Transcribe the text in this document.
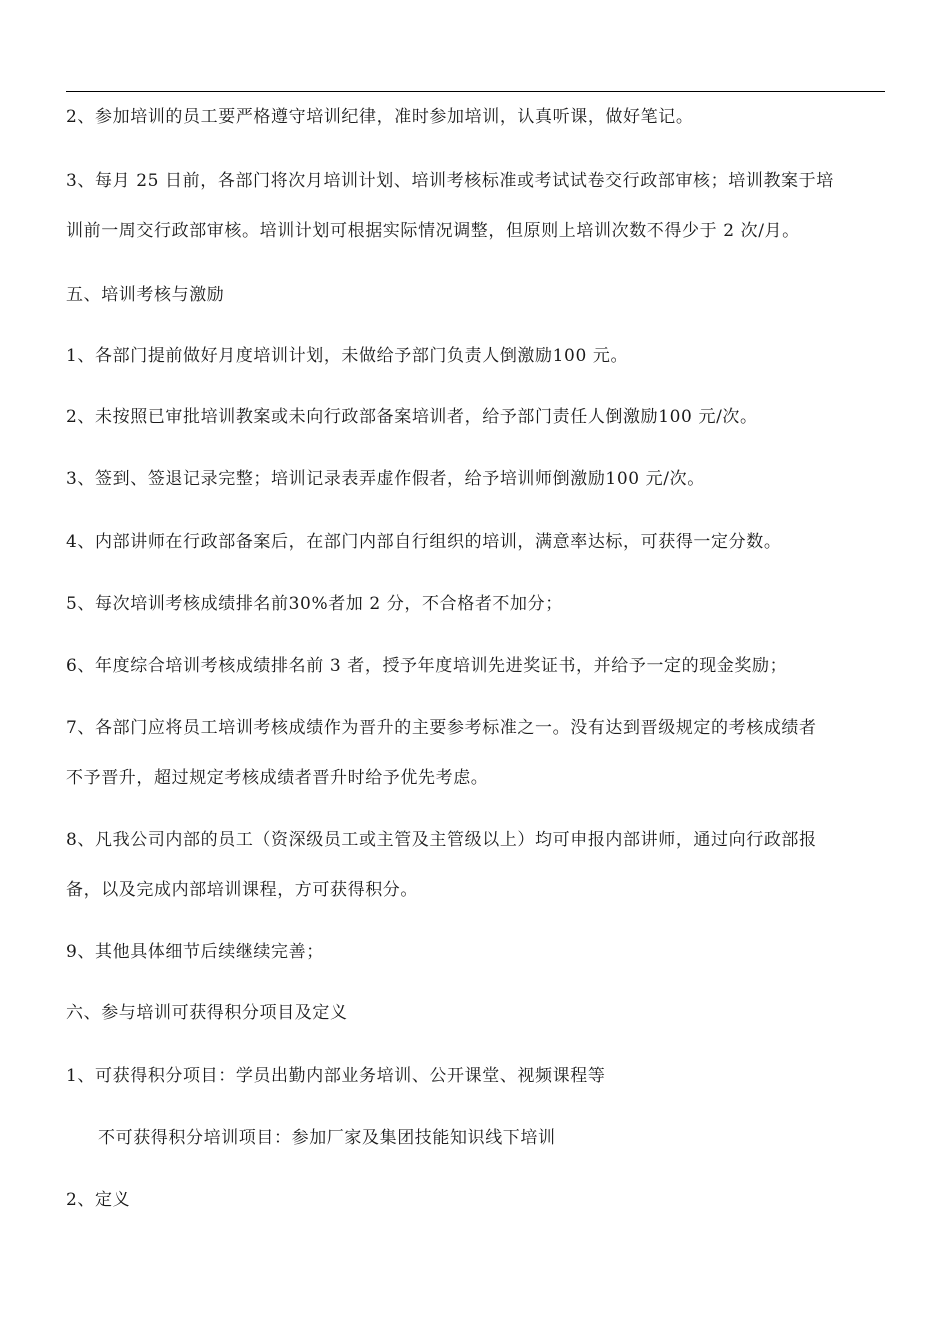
2、参加培训的员工要严格遵守培训纪律，准时参加培训，认真听课，做好笔记。

3、每月 25 日前，各部门将次月培训计划、培训考核标准或考试试卷交行政部审核；培训教案于培

训前一周交行政部审核。培训计划可根据实际情况调整，但原则上培训次数不得少于 2 次/月。

五、培训考核与激励

1、各部门提前做好月度培训计划，未做给予部门负责人倒激励100 元。

2、未按照已审批培训教案或未向行政部备案培训者，给予部门责任人倒激励100 元/次。

3、签到、签退记录完整；培训记录表弄虚作假者，给予培训师倒激励100 元/次。

4、内部讲师在行政部备案后，在部门内部自行组织的培训，满意率达标，可获得一定分数。

5、每次培训考核成绩排名前30%者加 2 分，不合格者不加分；

6、年度综合培训考核成绩排名前 3 者，授予年度培训先进奖证书，并给予一定的现金奖励；

7、各部门应将员工培训考核成绩作为晋升的主要参考标准之一。没有达到晋级规定的考核成绩者

不予晋升，超过规定考核成绩者晋升时给予优先考虑。

8、凡我公司内部的员工（资深级员工或主管及主管级以上）均可申报内部讲师，通过向行政部报

备，以及完成内部培训课程，方可获得积分。

9、其他具体细节后续继续完善；

六、参与培训可获得积分项目及定义

1、可获得积分项目：学员出勤内部业务培训、公开课堂、视频课程等

不可获得积分培训项目：参加厂家及集团技能知识线下培训

2、定义
